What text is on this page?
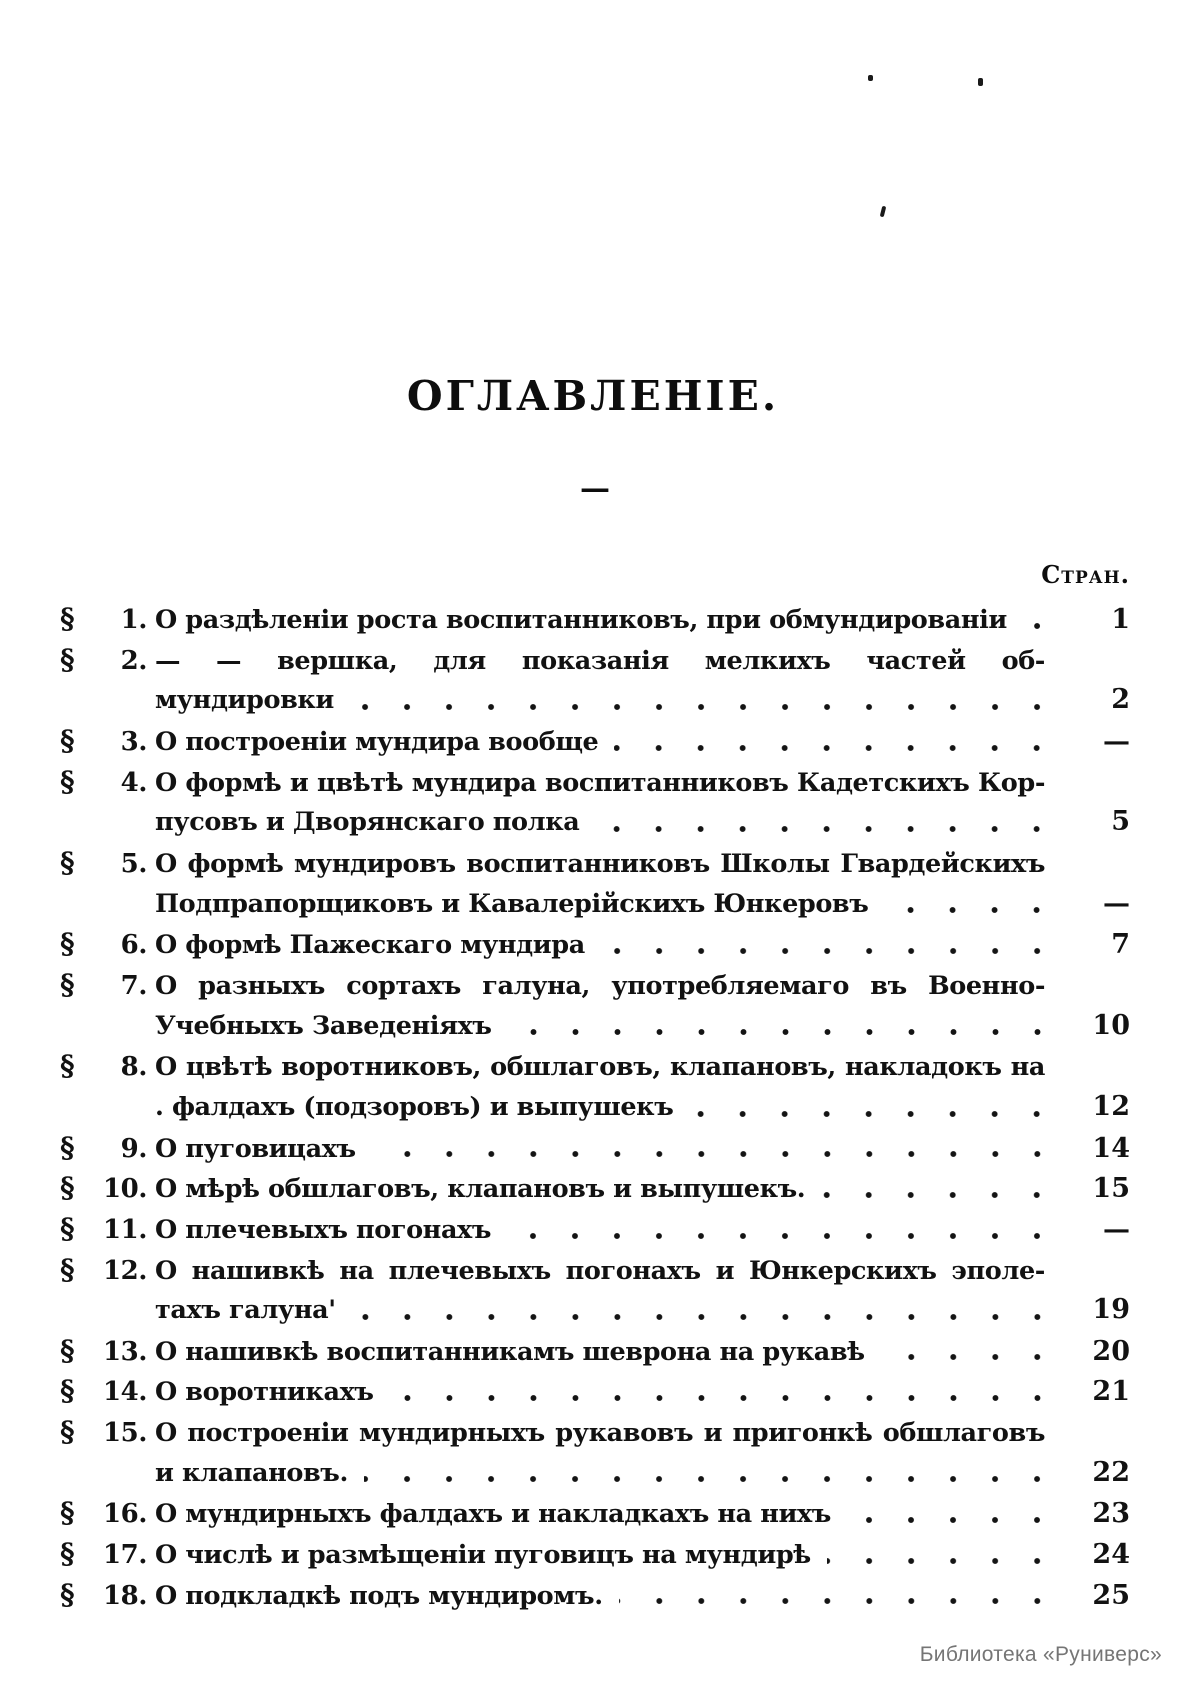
ОГЛАВЛЕНІЕ.
—
Стран.
§ 1. О раздѣленіи роста воспитанниковъ, при обмундированіи	1
§ 2. — — вершка, для показанія мелкихъ частей об-
мундировки	2
§ 3. О построеніи мундира вообще	—
§ 4. О формѣ и цвѣтѣ мундира воспитанниковъ Кадетскихъ Кор-
пусовъ и Дворянскаго полка	5
§ 5. О формѣ мундировъ воспитанниковъ Школы Гвардейскихъ
Подпрапорщиковъ и Кавалерійскихъ Юнкеровъ	—
§ 6. О формѣ Пажескаго мундира	7
§ 7. О разныхъ сортахъ галуна, употребляемаго въ Военно-
Учебныхъ Заведеніяхъ	10
§ 8. О цвѣтѣ воротниковъ, обшлаговъ, клапановъ, накладокъ на
. фалдахъ (подзоровъ) и выпушекъ	12
§ 9. О пуговицахъ	14
§ 10. О мѣрѣ обшлаговъ, клапановъ и выпушекъ.	15
§ 11. О плечевыхъ погонахъ	—
§ 12. О нашивкѣ на плечевыхъ погонахъ и Юнкерскихъ эполе-
тахъ галуна'	19
§ 13. О нашивкѣ воспитанникамъ шеврона на рукавѣ	20
§ 14. О воротникахъ	21
§ 15. О построеніи мундирныхъ рукавовъ и пригонкѣ обшлаговъ
и клапановъ.	22
§ 16. О мундирныхъ фалдахъ и накладкахъ на нихъ	23
§ 17. О числѣ и размѣщеніи пуговицъ на мундирѣ	24
§ 18. О подкладкѣ подъ мундиромъ.	25
Библиотека «Руниверс»
